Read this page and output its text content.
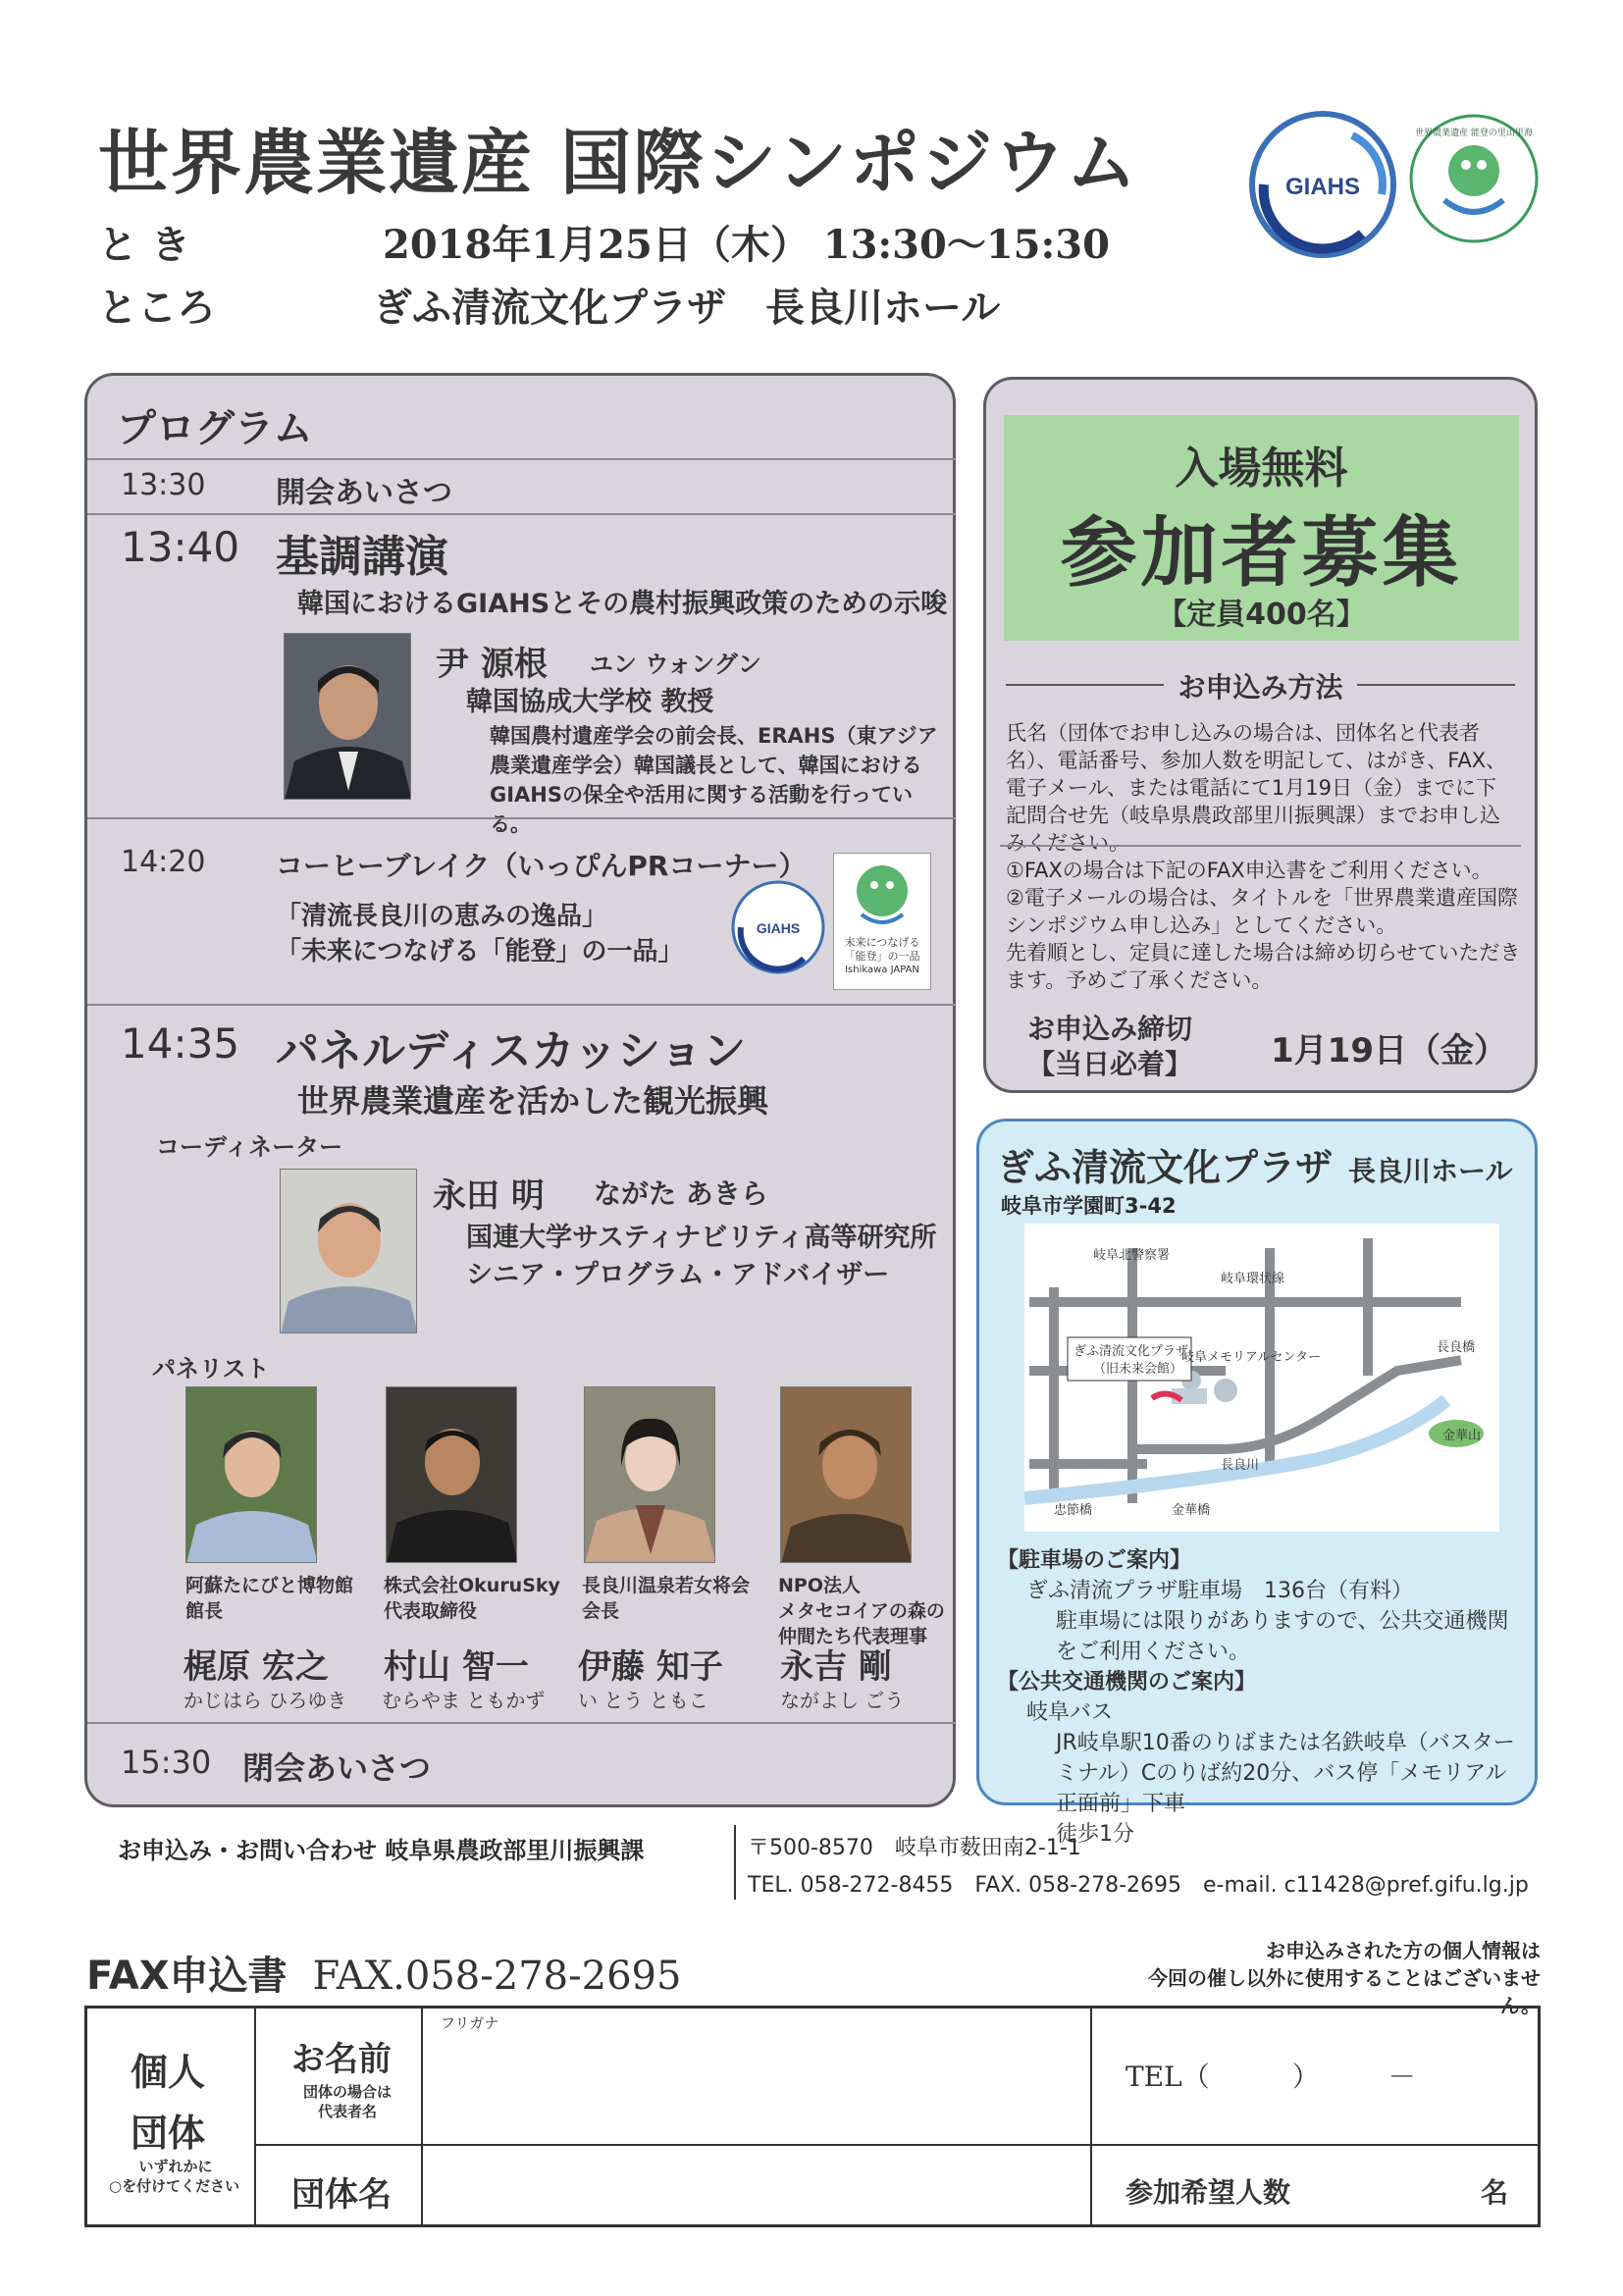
世界農業遺産 国際シンポジウム
と き	2018年1月25日（木） 13:30〜15:30
ところ	ぎふ清流文化プラザ　長良川ホール
GIAHS
世界農業遺産 能登の里山里海
プログラム
13:30 開会あいさつ
13:40 基調講演
韓国におけるGIAHSとその農村振興政策のための示唆
尹 源根 ユン ウォングン
韓国協成大学校 教授
韓国農村遺産学会の前会長、ERAHS（東アジア
農業遺産学会）韓国議長として、韓国における
GIAHSの保全や活用に関する活動を行っている。
14:20	コーヒーブレイク（いっぴんPRコーナー）
「清流長良川の恵みの逸品」
「未来につなげる「能登」の一品」
GIAHS
未来につなげる「能登」の一品
Ishikawa JAPAN
14:35 パネルディスカッション
世界農業遺産を活かした観光振興
コーディネーター
永田 明 ながた あきら
国連大学サスティナビリティ高等研究所
シニア・プログラム・アドバイザー
パネリスト
阿蘇たにびと博物館
館長
梶原 宏之
かじはら ひろゆき
株式会社OkuruSky
代表取締役
村山 智一
むらやま ともかず
長良川温泉若女将会
会長
伊藤 知子
い とう ともこ
NPO法人
メタセコイアの森の
仲間たち代表理事
永吉 剛
ながよし ごう
15:30 閉会あいさつ
入場無料
参加者募集
【定員400名】
お申込み方法
氏名（団体でお申し込みの場合は、団体名と代表者名）、電話番号、参加人数を明記して、はがき、FAX、電子メール、または電話にて1月19日（金）までに下記問合せ先（岐阜県農政部里川振興課）までお申し込みください。
①FAXの場合は下記のFAX申込書をご利用ください。
②電子メールの場合は、タイトルを「世界農業遺産国際シンポジウム申し込み」としてください。
先着順とし、定員に達した場合は締め切らせていただきます。予めご了承ください。
お申込み締切
【当日必着】 1月19日（金）
ぎふ清流文化プラザ 長良川ホール
岐阜市学園町3-42
岐阜北警察署
岐阜環状線
ぎふ清流文化プラザ
（旧未来会館）
岐阜メモリアルセンター
長良橋
長良川
金華山
忠節橋	金華橋
【駐車場のご案内】
ぎふ清流プラザ駐車場　136台（有料）
駐車場には限りがありますので、公共交通機関をご利用ください。
【公共交通機関のご案内】
岐阜バス
JR岐阜駅10番のりばまたは名鉄岐阜（バスターミナル）Cのりば約20分、バス停「メモリアル正面前」下車
徒歩1分
お申込み・お問い合わせ 岐阜県農政部里川振興課	〒500-8570　岐阜市薮田南2-1-1
TEL. 058-272-8455　FAX. 058-278-2695　e-mail. c11428@pref.gifu.lg.jp
FAX申込書 FAX.058-278-2695
お申込みされた方の個人情報は
今回の催し以外に使用することはございません。
個人
団体
いずれかに
○を付けてください
お名前
団体の場合は
代表者名
フリガナ
TEL（　　　）　　　－
団体名	参加希望人数	名
